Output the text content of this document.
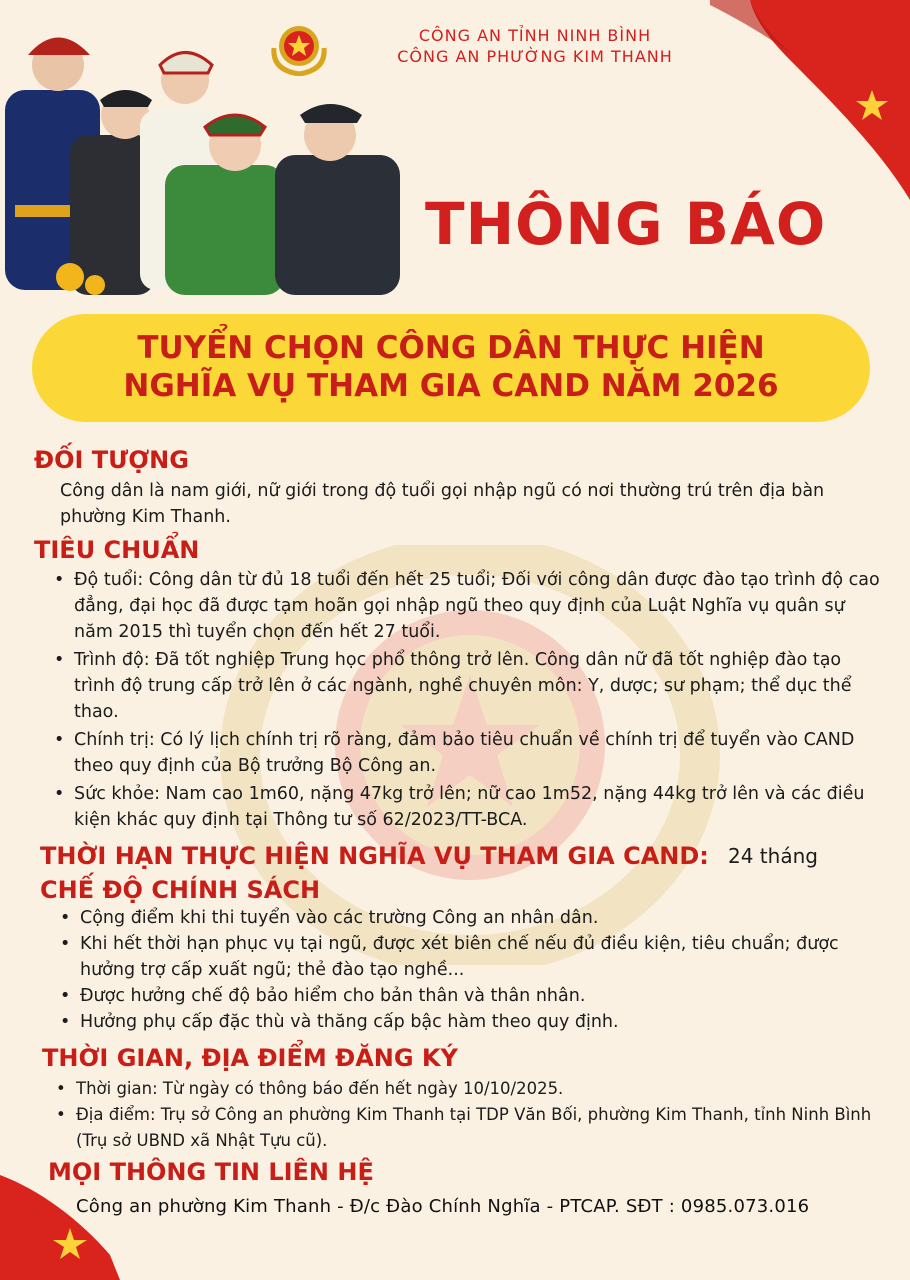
CÔNG AN TỈNH NINH BÌNH
CÔNG AN PHƯỜNG KIM THANH
THÔNG BÁO
TUYỂN CHỌN CÔNG DÂN THỰC HIỆN
NGHĨA VỤ THAM GIA CAND NĂM 2026
ĐỐI TƯỢNG
Công dân là nam giới, nữ giới trong độ tuổi gọi nhập ngũ có nơi thường trú trên địa bàn phường Kim Thanh.
TIÊU CHUẨN
• Độ tuổi: Công dân từ đủ 18 tuổi đến hết 25 tuổi; Đối với công dân được đào tạo trình độ cao đẳng, đại học đã được tạm hoãn gọi nhập ngũ theo quy định của Luật Nghĩa vụ quân sự năm 2015 thì tuyển chọn đến hết 27 tuổi.
• Trình độ: Đã tốt nghiệp Trung học phổ thông trở lên. Công dân nữ đã tốt nghiệp đào tạo trình độ trung cấp trở lên ở các ngành, nghề chuyên môn: Y, dược; sư phạm; thể dục thể thao.
• Chính trị: Có lý lịch chính trị rõ ràng, đảm bảo tiêu chuẩn về chính trị để tuyển vào CAND theo quy định của Bộ trưởng Bộ Công an.
• Sức khỏe: Nam cao 1m60, nặng 47kg trở lên; nữ cao 1m52, nặng 44kg trở lên và các điều kiện khác quy định tại Thông tư số 62/2023/TT-BCA.
THỜI HẠN THỰC HIỆN NGHĨA VỤ THAM GIA CAND: 24 tháng
CHẾ ĐỘ CHÍNH SÁCH
• Cộng điểm khi thi tuyển vào các trường Công an nhân dân.
• Khi hết thời hạn phục vụ tại ngũ, được xét biên chế nếu đủ điều kiện, tiêu chuẩn; được hưởng trợ cấp xuất ngũ; thẻ đào tạo nghề...
• Được hưởng chế độ bảo hiểm cho bản thân và thân nhân.
• Hưởng phụ cấp đặc thù và thăng cấp bậc hàm theo quy định.
THỜI GIAN, ĐỊA ĐIỂM ĐĂNG KÝ
• Thời gian: Từ ngày có thông báo đến hết ngày 10/10/2025.
• Địa điểm: Trụ sở Công an phường Kim Thanh tại TDP Văn Bối, phường Kim Thanh, tỉnh Ninh Bình
(Trụ sở UBND xã Nhật Tựu cũ).
MỌI THÔNG TIN LIÊN HỆ
Công an phường Kim Thanh - Đ/c Đào Chính Nghĩa - PTCAP. SĐT : 0985.073.016
